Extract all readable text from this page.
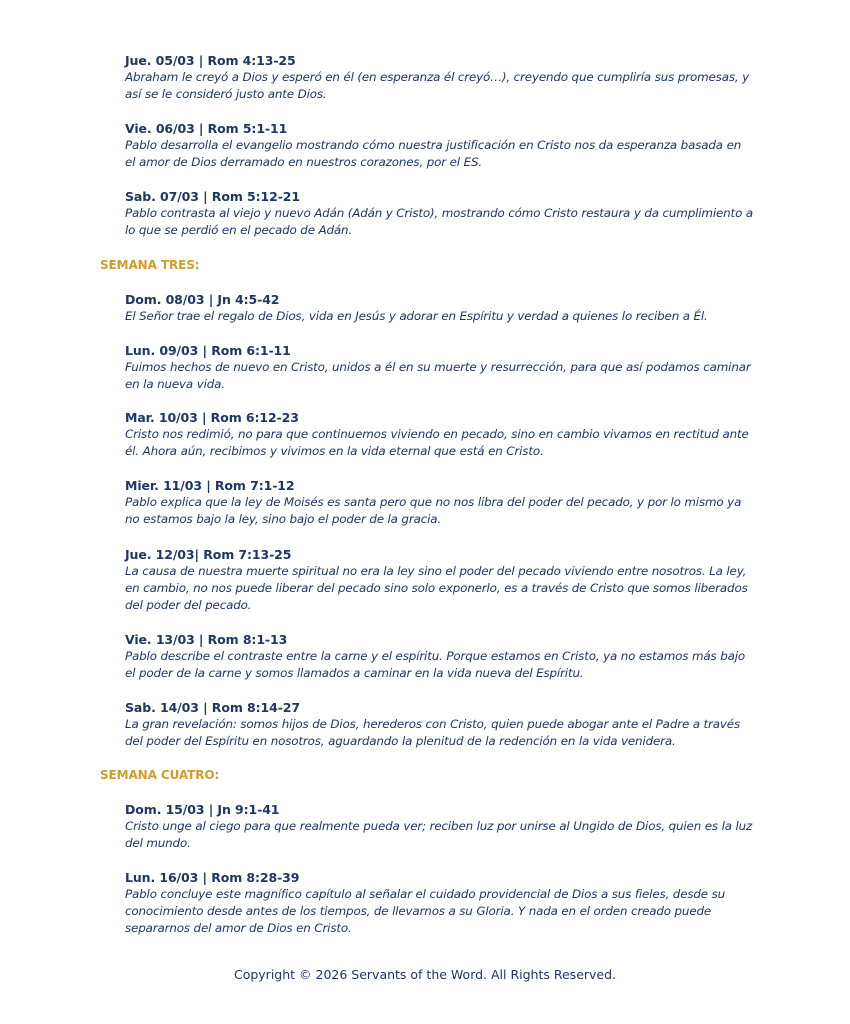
Jue. 05/03 | Rom 4:13-25
Abraham le creyó a Dios y esperó en él (en esperanza él creyó…), creyendo que cumpliría sus promesas, y así se le consideró justo ante Dios.
Vie. 06/03 | Rom 5:1-11
Pablo desarrolla el evangelio mostrando cómo nuestra justificación en Cristo nos da esperanza basada en el amor de Dios derramado en nuestros corazones, por el ES.
Sab. 07/03 | Rom 5:12-21
Pablo contrasta al viejo y nuevo Adán (Adán y Cristo), mostrando cómo Cristo restaura y da cumplimiento a lo que se perdió en el pecado de Adán.
SEMANA TRES:
Dom. 08/03 | Jn 4:5-42
El Señor trae el regalo de Dios, vida en Jesús y adorar en Espíritu y verdad a quienes lo reciben a Él.
Lun. 09/03 | Rom 6:1-11
Fuimos hechos de nuevo en Cristo, unidos a él en su muerte y resurrección, para que así podamos caminar en la nueva vida.
Mar. 10/03 | Rom 6:12-23
Cristo nos redimió, no para que continuemos viviendo en pecado, sino en cambio vivamos en rectitud ante él. Ahora aún, recibimos y vivimos en la vida eternal que está en Cristo.
Mier. 11/03 | Rom 7:1-12
Pablo explica que la ley de Moisés es santa pero que no nos libra del poder del pecado, y por lo mismo ya no estamos bajo la ley, sino bajo el poder de la gracia.
Jue. 12/03| Rom 7:13-25
La causa de nuestra muerte spiritual no era la ley sino el poder del pecado viviendo entre nosotros. La ley, en cambio, no nos puede liberar del pecado sino solo exponerlo, es a través de Cristo que somos liberados del poder del pecado.
Vie. 13/03 | Rom 8:1-13
Pablo describe el contraste entre la carne y el espíritu. Porque estamos en Cristo, ya no estamos más bajo el poder de la carne y somos llamados a caminar en la vida nueva del Espíritu.
Sab. 14/03 | Rom 8:14-27
La gran revelación: somos hijos de Dios, herederos con Cristo, quien puede abogar ante el Padre a través del poder del Espíritu en nosotros, aguardando la plenitud de la redención en la vida venidera.
SEMANA CUATRO:
Dom. 15/03 | Jn 9:1-41
Cristo unge al ciego para que realmente pueda ver; reciben luz por unirse al Ungido de Dios, quien es la luz del mundo.
Lun. 16/03 | Rom 8:28-39
Pablo concluye este magnífico capítulo al señalar el cuidado providencial de Dios a sus fieles, desde su conocimiento desde antes de los tiempos, de llevarnos a su Gloria. Y nada en el orden creado puede separarnos del amor de Dios en Cristo.
Copyright © 2026 Servants of the Word. All Rights Reserved.
